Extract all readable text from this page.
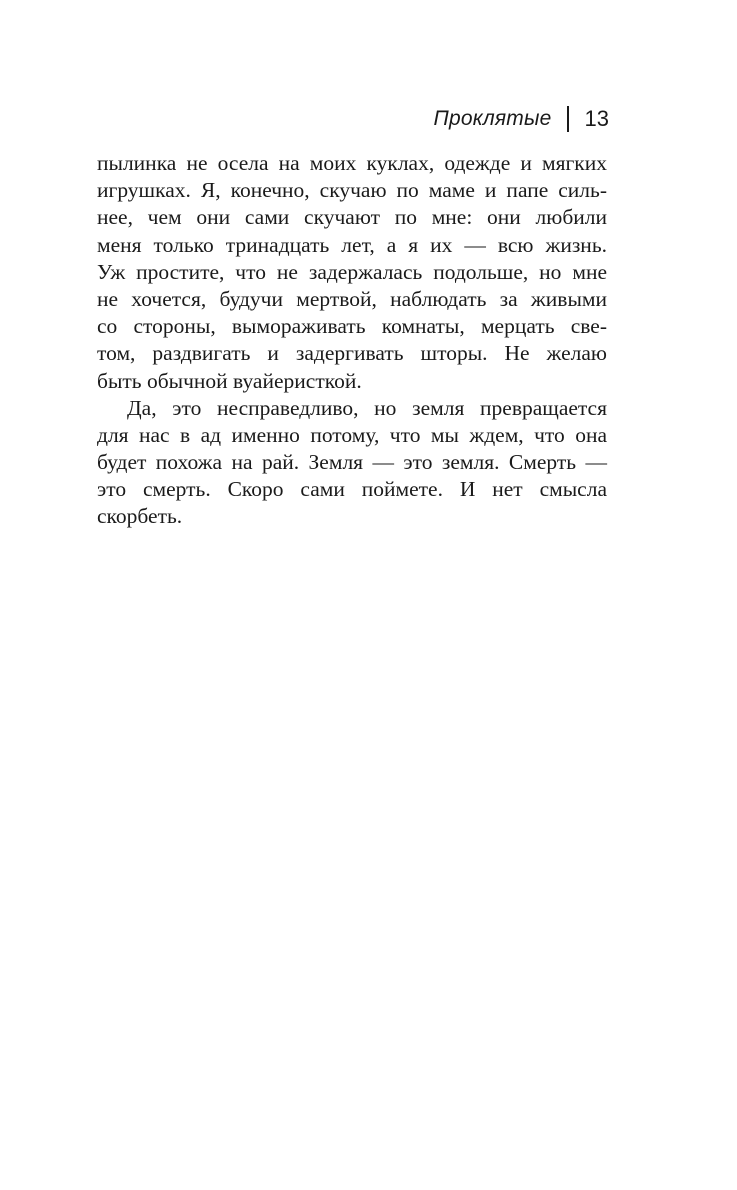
Проклятые 13
пылинка не осела на моих куклах, одежде и мягких
игрушках. Я, конечно, скучаю по маме и папе силь-
нее, чем они сами скучают по мне: они любили
меня только тринадцать лет, а я их — всю жизнь.
Уж простите, что не задержалась подольше, но мне
не хочется, будучи мертвой, наблюдать за живыми
со стороны, вымораживать комнаты, мерцать све-
том, раздвигать и задергивать шторы. Не желаю
быть обычной вуайеристкой.
Да, это несправедливо, но земля превращается
для нас в ад именно потому, что мы ждем, что она
будет похожа на рай. Земля — это земля. Смерть —
это смерть. Скоро сами поймете. И нет смысла
скорбеть.
